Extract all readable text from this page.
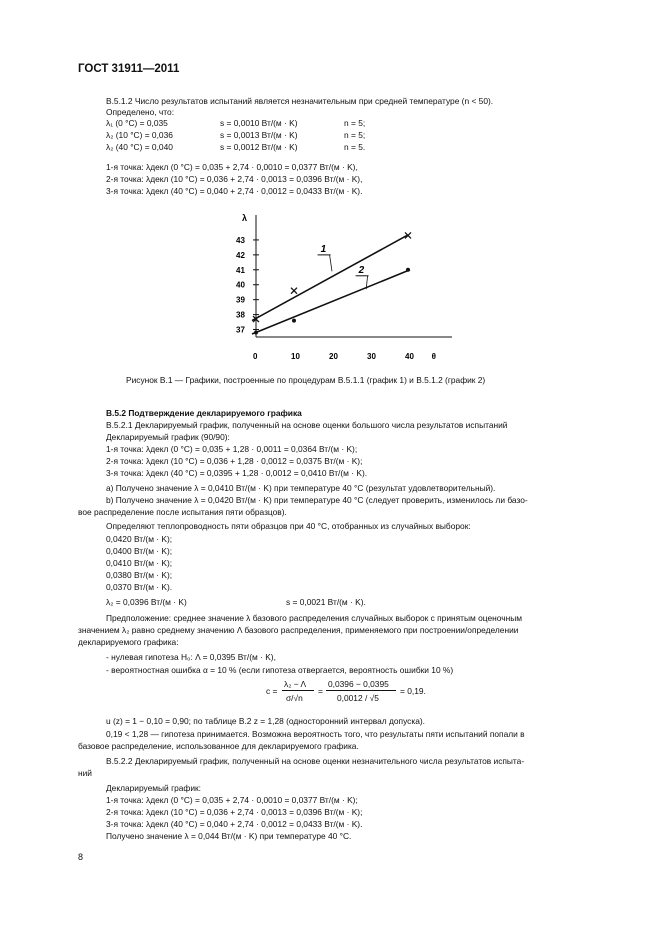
ГОСТ 31911—2011
В.5.1.2 Число результатов испытаний является незначительным при средней температуре (n < 50).
Определено, что:
λ₁ (0 °C) = 0,035	s = 0,0010 Вт/(м · K)	n = 5;
λ₂ (10 °C) = 0,036	s = 0,0013 Вт/(м · K)	n = 5;
λ₂ (40 °C) = 0,040	s = 0,0012 Вт/(м · K)	n = 5.
1-я точка: λдекл (0 °C) = 0,035 + 2,74 · 0,0010 = 0,0377 Вт/(м · K),
2-я точка: λдекл (10 °C) = 0,036 + 2,74 · 0,0013 = 0,0396 Вт/(м · K),
3-я точка: λдекл (40 °C) = 0,040 + 2,74 · 0,0012 = 0,0433 Вт/(м · K).
λ
37
38
39
40
41
42
43
0	10	20	30	40 θ
1
2
Рисунок В.1 — Графики, построенные по процедурам В.5.1.1 (график 1) и В.5.1.2 (график 2)
В.5.2 Подтверждение декларируемого графика
В.5.2.1 Декларируемый график, полученный на основе оценки большого числа результатов испытаний
Декларируемый график (90/90):
1-я точка: λдекл (0 °C) = 0,035 + 1,28 · 0,0011 = 0,0364 Вт/(м · K);
2-я точка: λдекл (10 °C) = 0,036 + 1,28 · 0,0012 = 0,0375 Вт/(м · K);
3-я точка: λдекл (40 °C) = 0,0395 + 1,28 · 0,0012 = 0,0410 Вт/(м · K).
a) Получено значение λ = 0,0410 Вт/(м · K) при температуре 40 °C (результат удовлетворительный).
b) Получено значение λ = 0,0420 Вт/(м · K) при температуре 40 °C (следует проверить, изменилось ли базо-
вое распределение после испытания пяти образцов).
Определяют теплопроводность пяти образцов при 40 °C, отобранных из случайных выборок:
0,0420 Вт/(м · K);
0,0400 Вт/(м · K);
0,0410 Вт/(м · K);
0,0380 Вт/(м · K);
0,0370 Вт/(м · K).
λ₂ = 0,0396 Вт/(м · K)	s = 0,0021 Вт/(м · K).
Предположение: среднее значение λ базового распределения случайных выборок с принятым оценочным
значением λ₂ равно среднему значению Λ базового распределения, применяемого при построении/определении
декларируемого графика:
- нулевая гипотеза H₀: Λ = 0,0395 Вт/(м · K),
- вероятностная ошибка α = 10 % (если гипотеза отвергается, вероятность ошибки 10 %)
c =
λ₂ − Λ
σ/√n
=
0,0396 − 0,0395
0,0012 / √5
= 0,19.
u (z) = 1 − 0,10 = 0,90; по таблице В.2 z = 1,28 (односторонний интервал допуска).
0,19 < 1,28 — гипотеза принимается. Возможна вероятность того, что результаты пяти испытаний попали в
базовое распределение, использованное для декларируемого графика.
В.5.2.2 Декларируемый график, полученный на основе оценки незначительного числа результатов испыта-
ний
Декларируемый график:
1-я точка: λдекл (0 °C) = 0,035 + 2,74 · 0,0010 = 0,0377 Вт/(м · K);
2-я точка: λдекл (10 °C) = 0,036 + 2,74 · 0,0013 = 0,0396 Вт/(м · K);
3-я точка: λдекл (40 °C) = 0,040 + 2,74 · 0,0012 = 0,0433 Вт/(м · K).
Получено значение λ = 0,044 Вт/(м · K) при температуре 40 °C.
8
